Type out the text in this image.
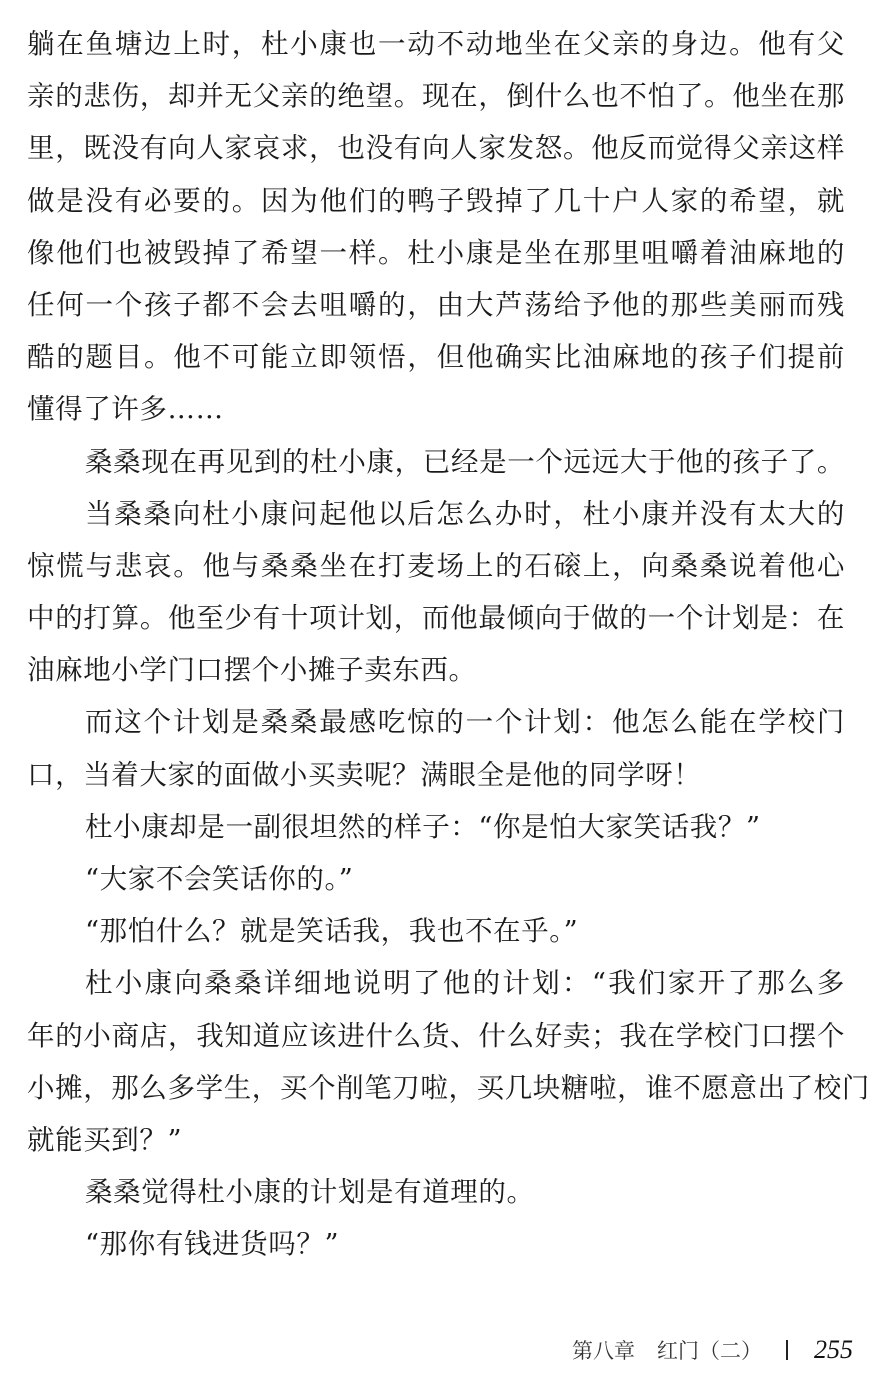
躺在鱼塘边上时，杜小康也一动不动地坐在父亲的身边。他有父
亲的悲伤，却并无父亲的绝望。现在，倒什么也不怕了。他坐在那
里，既没有向人家哀求，也没有向人家发怒。他反而觉得父亲这样
做是没有必要的。因为他们的鸭子毁掉了几十户人家的希望，就
像他们也被毁掉了希望一样。杜小康是坐在那里咀嚼着油麻地的
任何一个孩子都不会去咀嚼的，由大芦荡给予他的那些美丽而残
酷的题目。他不可能立即领悟，但他确实比油麻地的孩子们提前
懂得了许多……
桑桑现在再见到的杜小康，已经是一个远远大于他的孩子了。
当桑桑向杜小康问起他以后怎么办时，杜小康并没有太大的
惊慌与悲哀。他与桑桑坐在打麦场上的石磙上，向桑桑说着他心
中的打算。他至少有十项计划，而他最倾向于做的一个计划是：在
油麻地小学门口摆个小摊子卖东西。
而这个计划是桑桑最感吃惊的一个计划：他怎么能在学校门
口，当着大家的面做小买卖呢？满眼全是他的同学呀！
杜小康却是一副很坦然的样子：“你是怕大家笑话我？”
“大家不会笑话你的。”
“那怕什么？就是笑话我，我也不在乎。”
杜小康向桑桑详细地说明了他的计划：“我们家开了那么多
年的小商店，我知道应该进什么货、什么好卖；我在学校门口摆个
小摊，那么多学生，买个削笔刀啦，买几块糖啦，谁不愿意出了校门
就能买到？”
桑桑觉得杜小康的计划是有道理的。
“那你有钱进货吗？”
第八章 红门（二） 255
